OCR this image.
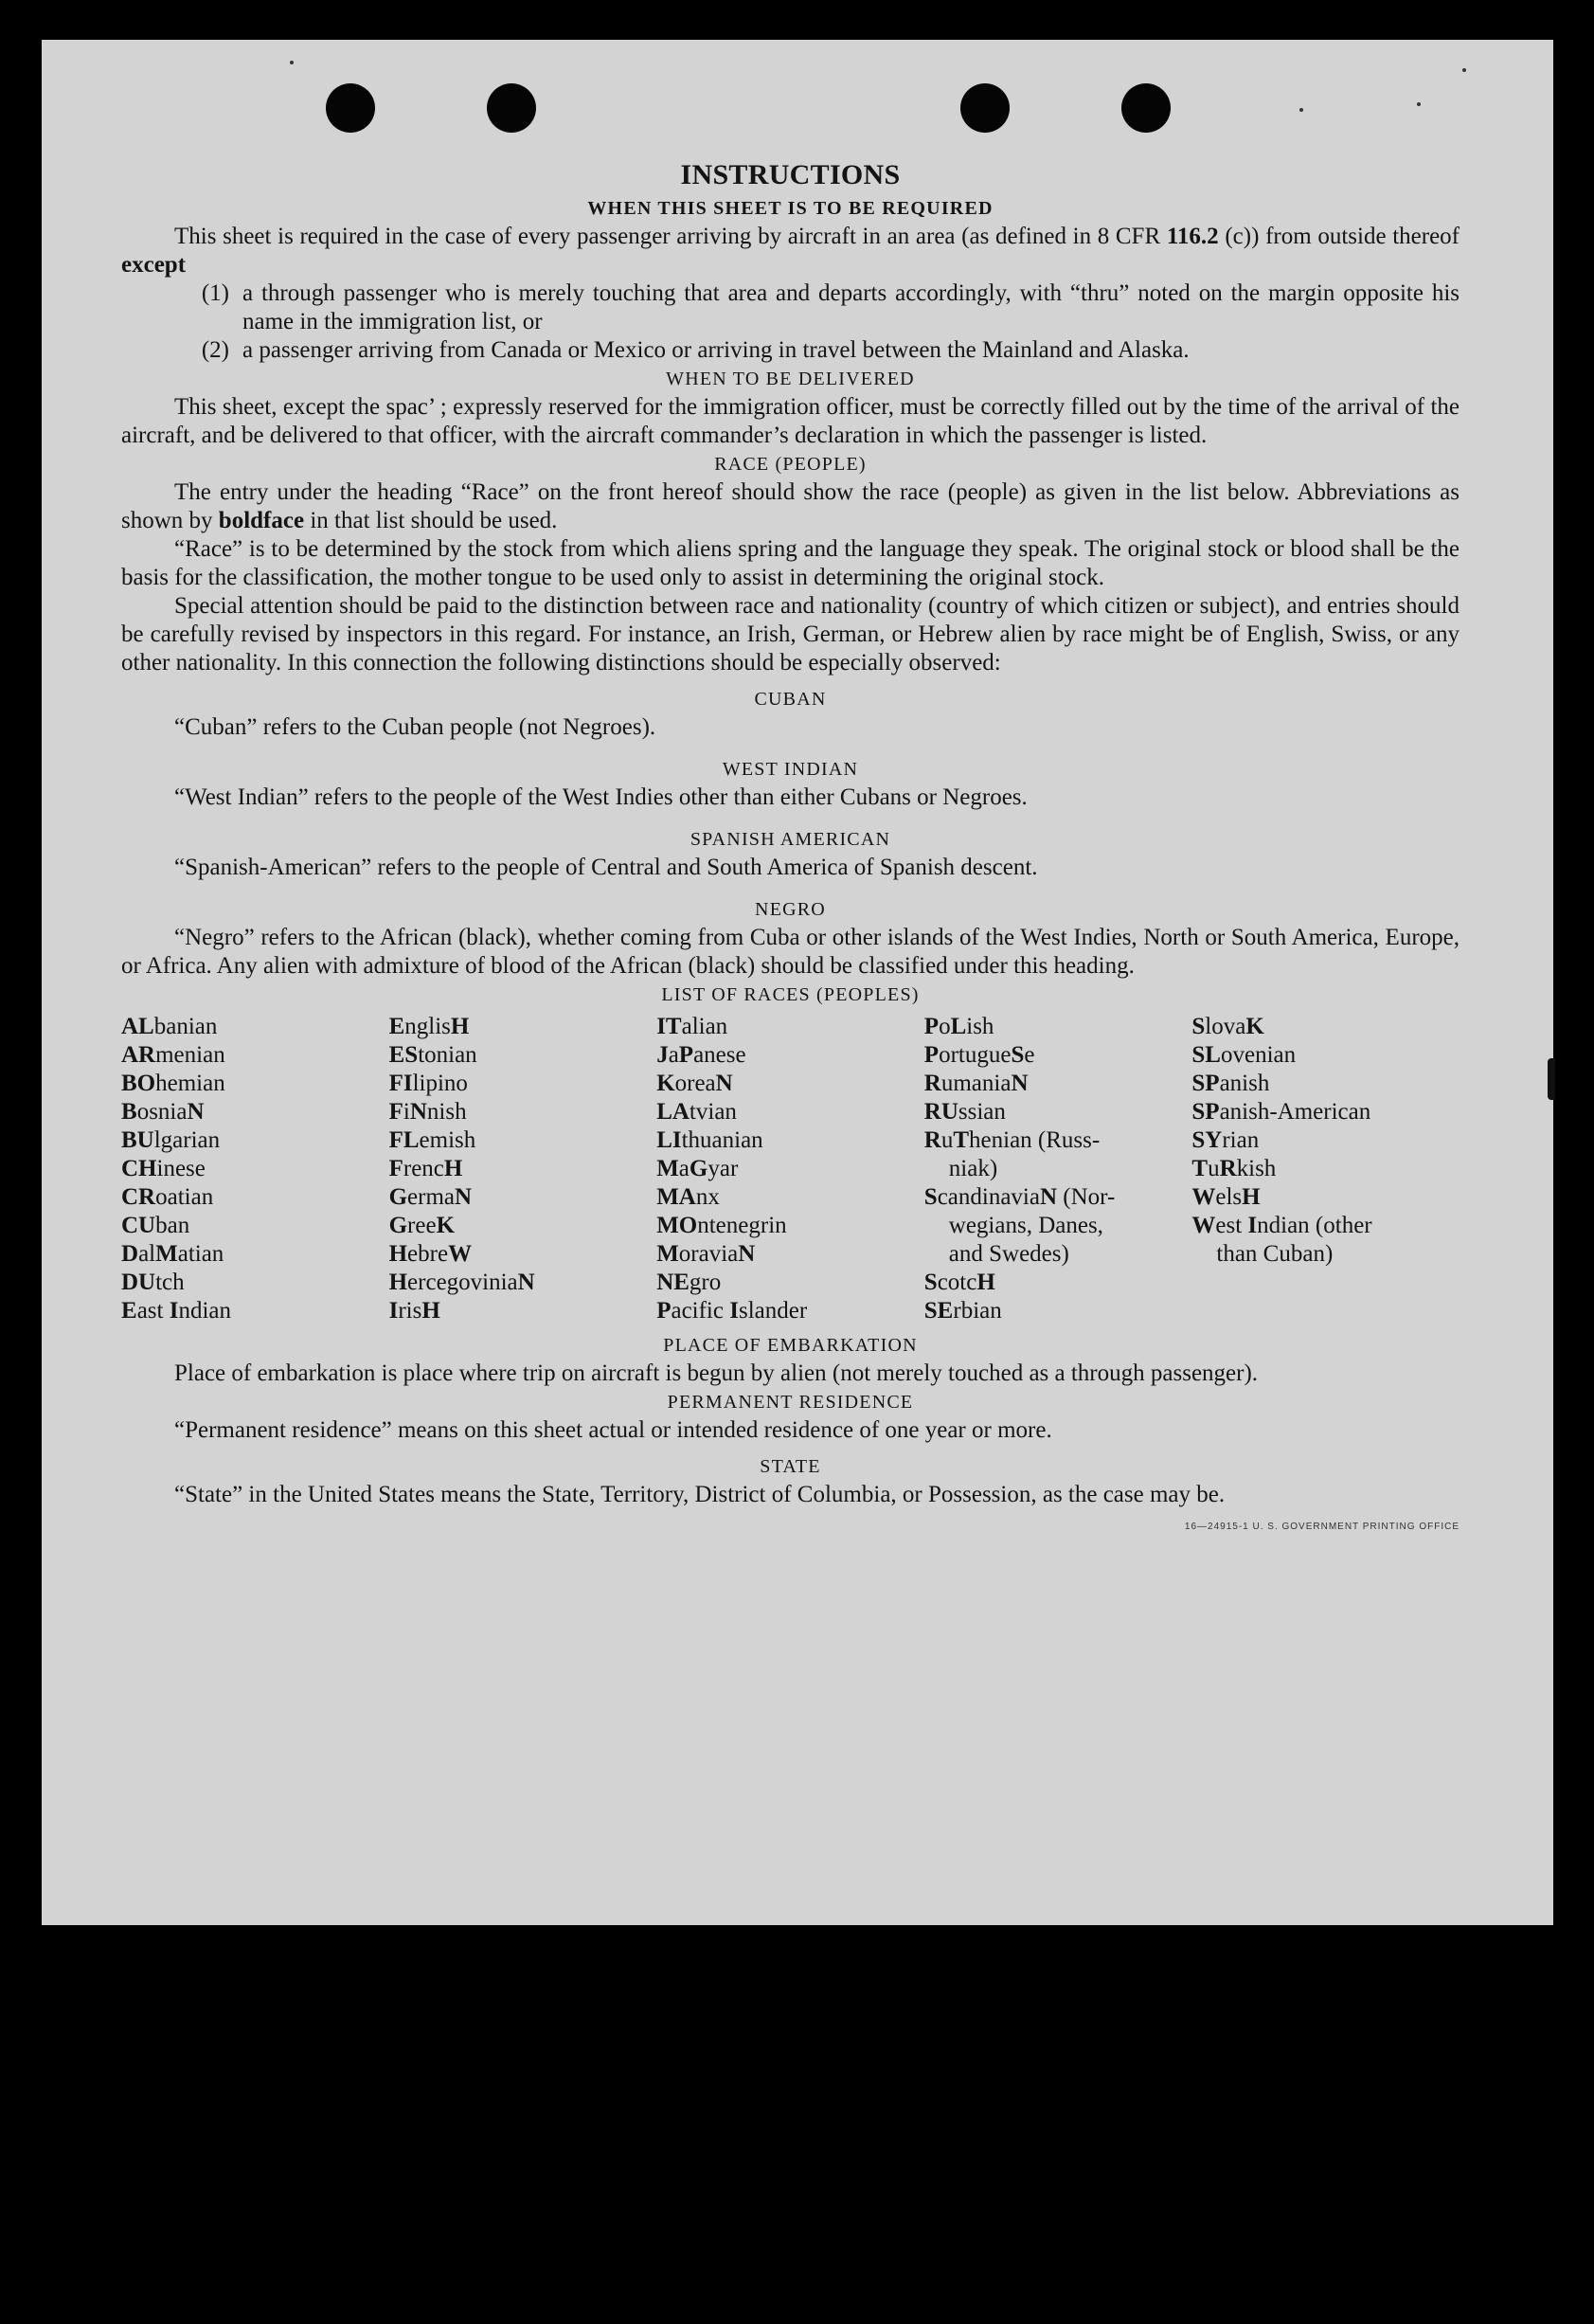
INSTRUCTIONS
WHEN THIS SHEET IS TO BE REQUIRED

This sheet is required in the case of every passenger arriving by aircraft in an area (as defined in 8 CFR 116.2 (c)) from outside thereof except

(1) a through passenger who is merely touching that area and departs accordingly, with “thru” noted on the margin opposite his name in the immigration list, or
(2) a passenger arriving from Canada or Mexico or arriving in travel between the Mainland and Alaska.
WHEN TO BE DELIVERED

This sheet, except the spac’ ; expressly reserved for the immigration officer, must be correctly filled out by the time of the arrival of the aircraft, and be delivered to that officer, with the aircraft commander’s declaration in which the passenger is listed.

RACE (PEOPLE)

The entry under the heading “Race” on the front hereof should show the race (people) as given in the list below. Abbreviations as shown by boldface in that list should be used.

“Race” is to be determined by the stock from which aliens spring and the language they speak. The original stock or blood shall be the basis for the classification, the mother tongue to be used only to assist in determining the original stock.

Special attention should be paid to the distinction between race and nationality (country of which citizen or subject), and entries should be carefully revised by inspectors in this regard. For instance, an Irish, German, or Hebrew alien by race might be of English, Swiss, or any other nationality. In this connection the following distinctions should be especially observed:

CUBAN

“Cuban” refers to the Cuban people (not Negroes).

WEST INDIAN

“West Indian” refers to the people of the West Indies other than either Cubans or Negroes.

SPANISH AMERICAN

“Spanish-American” refers to the people of Central and South America of Spanish descent.

NEGRO

“Negro” refers to the African (black), whether coming from Cuba or other islands of the West Indies, North or South America, Europe, or Africa. Any alien with admixture of blood of the African (black) should be classified under this heading.

LIST OF RACES (PEOPLES)
ALbanian
ARmenian
BOhemian
BosniaN
BUlgarian
CHinese
CRoatian
CUban
DalMatian
DUtch
East Indian
EnglisH
EStonian
FIlipino
FiNnish
FLemish
FrencH
GermaN
GreeK
HebreW
HercegoviniaN
IrisH
ITalian
JaPanese
KoreaN
LAtvian
LIthuanian
MaGyar
MAnx
MOntenegrin
MoraviaN
NEgro
Pacific Islander
PoLish
PortugueSe
RumaniaN
RUssian
RuThenian (Russ-
niak)
ScandinaviaN (Nor-
wegians, Danes,
and Swedes)
ScotcH
SErbian
SlovaK
SLovenian
SPanish
SPanish-American
SYrian
TuRkish
WelsH
West Indian (other
than Cuban)
PLACE OF EMBARKATION

Place of embarkation is place where trip on aircraft is begun by alien (not merely touched as a through passenger).

PERMANENT RESIDENCE

“Permanent residence” means on this sheet actual or intended residence of one year or more.

STATE

“State” in the United States means the State, Territory, District of Columbia, or Possession, as the case may be.

16—24915-1 U. S. GOVERNMENT PRINTING OFFICE
